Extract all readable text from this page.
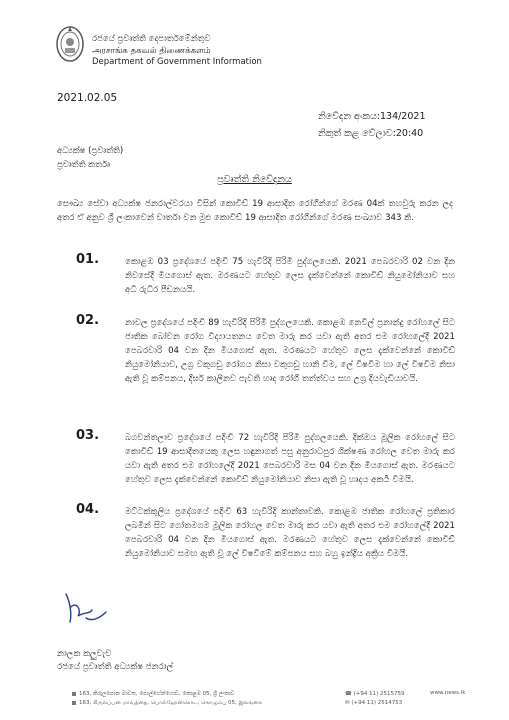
රජයේ ප්‍රවෘත්ති දෙපාර්තමේන්තුව
அரசாங்க தகவல் திணைக்களம்
Department of Government Information
2021.02.05
නිවේදන අංකය:134/2021
නිකුත් කළ වේලාව:20:40
අධ්‍යක්ෂ (ප්‍රවෘත්ති)
ප්‍රවෘත්ති කර්තෘ
ප්‍රවෘත්ති නිවේදනය
සෞඛ්‍ය සේවා අධ්‍යක්ෂ ජනරාල්වරයා විසින් කොවිඩ් 19 ආසාදිත රෝගීන්ගේ මරණ 04ක් තහවුරු කරන ලද අතර ඒ අනුව ශ්‍රී ලංකාවෙන් වාර්තා වන මුළු කොවිඩ් 19 ආසාදිත රෝගීන්ගේ මරණ සංඛ්‍යාව 343 කි.
01.	කොළඹ 03 ප්‍රදේශයේ පදිංචි 75 හැවිරිදි පිරිමි පුද්ගලයෙකි. 2021 පෙබරවාරි 02 වන දින නිවසේදී මියගොස් ඇත. මරණයට හේතුව ලෙස දැක්වෙන්නේ කොවිඩ් නියුමෝනියාව සහ අධි රුධිර පීඩනයයි.
02.	නාවල ප්‍රදේශයේ පදිංචි 89 හැවිරිදි පිරිමි පුද්ගලයෙකි. කොළඹ නෙවිල් ප්‍රනාන්දු රෝහලේ සිට ජාතික බෝවන රෝග විද්‍යායතනය වෙත මාරු කර යවා ඇති අතර එම රෝහලේදී 2021 පෙබරවාරි 04 වන දින මියගොස් ඇත. මරණයට හේතුව ලෙස දැක්වෙන්නේ කොවිඩ් නියුමෝනියාව, උග්‍ර වකුගඩු රෝගය නිසා වකුගඩු හානි වීම, ලේ විෂවීම හා ලේ විෂවීම නිසා ඇති වූ කම්පනය, දීර්ඝ කාලීනව පැවති හෘද රෝගී තත්ත්වය සහ උග්‍ර දියවැඩියාවයි.
03.	බගවන්තලාව ප්‍රදේශයේ පදිංචි 72 හැවිරිදි පිරිමි පුද්ගලයෙකි. දික්ඔය මූලික රෝහලේ සිට කොවිඩ් 19 ආසාදිතයෙකු ලෙස හඳුනාගත් පසු අනුරාධපුර ශික්ෂණ රෝහල වෙත මාරු කර යවා ඇති අතර එම රෝහලේදී 2021 පෙබරවාරි මස 04 වන දින මියගොස් ඇත. මරණයට හේතුව ලෙස දැක්වෙන්නේ කොවිඩ් නියුමෝනියාව නිසා ඇති වූ හෘදය අකර්‍ය වීමයි.
04.	මට්ටක්කුලිය ප්‍රදේශයේ පදිංචි 63 හැවිරිදි කාන්තාවකි. කොළඹ ජාතික රෝහලේ ප්‍රතිකාර ලබමින් සිට ගෝතමගම මූලික රෝහල වෙත මාරු කර යවා ඇති අතර එම රෝහලේදී 2021 පෙබරවාරි 04 වන දින මියගොස් ඇත. මරණයට හේතුව ලෙස දැක්වෙන්නේ කොවිඩ් නියුමෝනියාව සමඟ ඇති වූ ලේ විෂවීමේ කම්පනය සහ බහු ඉන්ද්‍රිය අක්‍රිය වීමයි.
නාලක කලුවැව
රජයේ ප්‍රවෘත්ති අධ්‍යක්ෂ ජනරාල්
163, කිරුලපොන මාවත, පොල්හේන්ගොඩ, කොළඹ 05, ශ්‍රී ලංකාව
163, கிருலப்பன மாவத்தை, பொல்ஹேன்கொட, கொழும்பு 05, இலங்கை
☎ (+94 11) 2515759
✉ (+94 11) 2514753
www.news.lk
